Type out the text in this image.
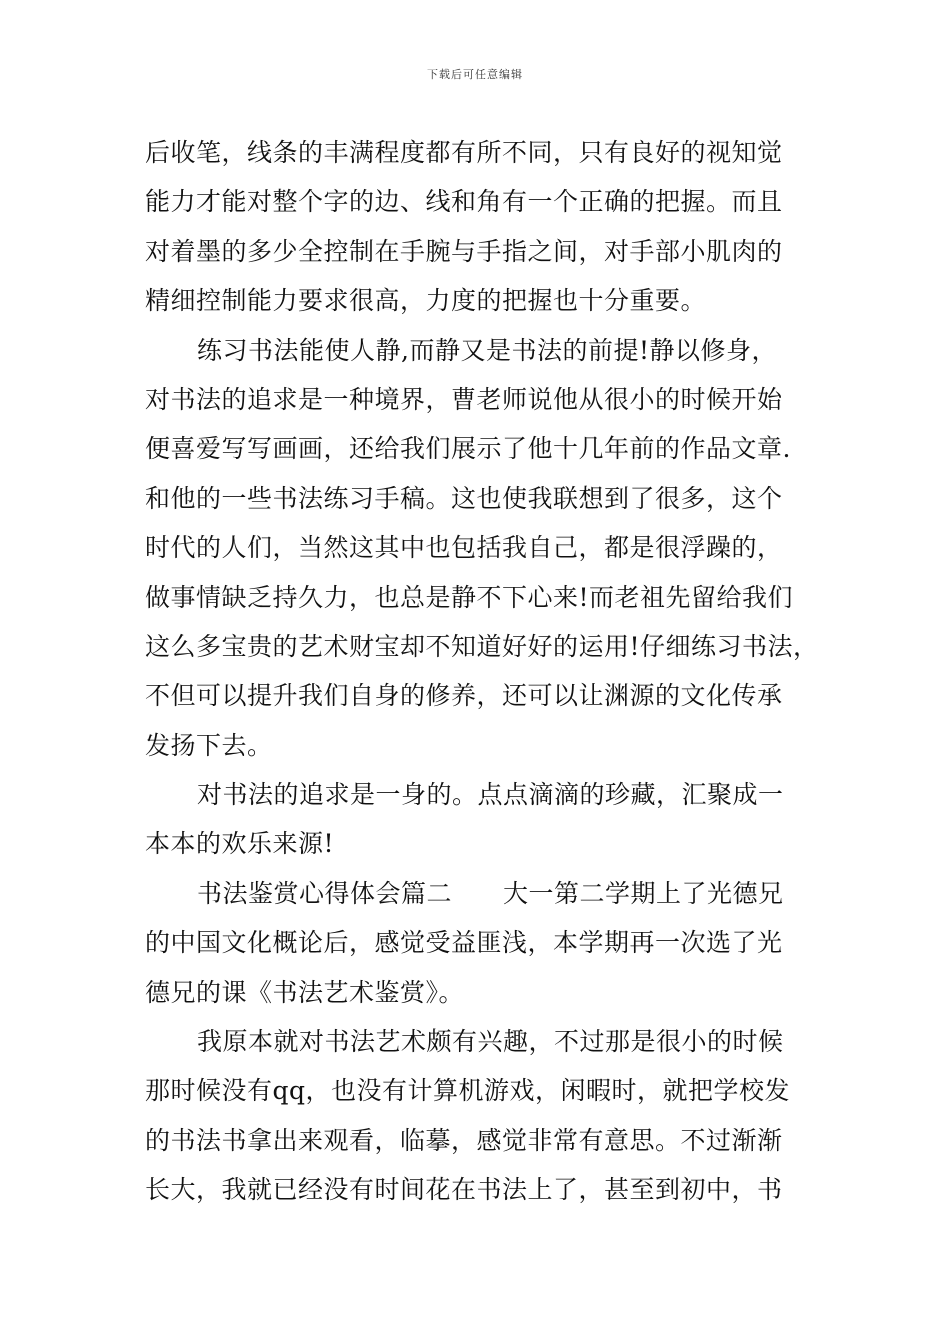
下载后可任意编辑
后收笔，线条的丰满程度都有所不同，只有良好的视知觉
能力才能对整个字的边、线和角有一个正确的把握。而且
对着墨的多少全控制在手腕与手指之间，对手部小肌肉的
精细控制能力要求很高，力度的把握也十分重要。
练习书法能使人静,而静又是书法的前提!静以修身，
对书法的追求是一种境界，曹老师说他从很小的时候开始
便喜爱写写画画，还给我们展示了他十几年前的作品文章.
和他的一些书法练习手稿。这也使我联想到了很多，这个
时代的人们，当然这其中也包括我自己，都是很浮躁的，
做事情缺乏持久力，也总是静不下心来!而老祖先留给我们
这么多宝贵的艺术财宝却不知道好好的运用!仔细练习书法，
不但可以提升我们自身的修养，还可以让渊源的文化传承
发扬下去。
对书法的追求是一身的。点点滴滴的珍藏，汇聚成一
本本的欢乐来源!
书法鉴赏心得体会篇二　　大一第二学期上了光德兄
的中国文化概论后，感觉受益匪浅，本学期再一次选了光
德兄的课《书法艺术鉴赏》。
我原本就对书法艺术颇有兴趣，不过那是很小的时候
那时候没有qq，也没有计算机游戏，闲暇时，就把学校发
的书法书拿出来观看，临摹，感觉非常有意思。不过渐渐
长大，我就已经没有时间花在书法上了，甚至到初中，书
